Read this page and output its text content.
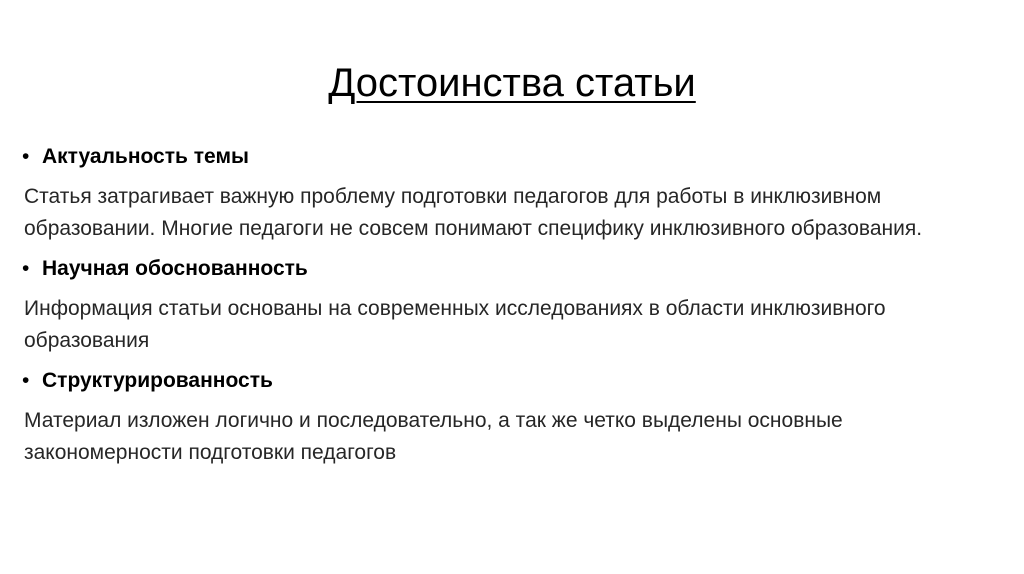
Достоинства статьи
• Актуальность темы

Статья затрагивает важную проблему подготовки педагогов для работы в инклюзивном образовании. Многие педагоги не совсем понимают специфику инклюзивного образования.

• Научная обоснованность

Информация статьи основаны на современных исследованиях в области инклюзивного образования

• Структурированность

Материал изложен логично и последовательно, а так же четко выделены основные закономерности подготовки педагогов
